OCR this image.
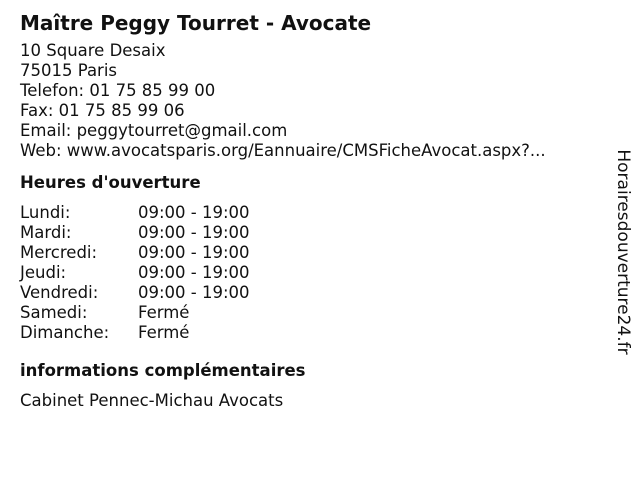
Maître Peggy Tourret - Avocate
10 Square Desaix
75015 Paris
Telefon: 01 75 85 99 00
Fax: 01 75 85 99 06
Email: peggytourret@gmail.com
Web: www.avocatsparis.org/Eannuaire/CMSFicheAvocat.aspx?...
Heures d'ouverture
Lundi:	09:00 - 19:00
Mardi:	09:00 - 19:00
Mercredi:	09:00 - 19:00
Jeudi:	09:00 - 19:00
Vendredi:	09:00 - 19:00
Samedi:	Fermé
Dimanche:	Fermé
informations complémentaires
Cabinet Pennec-Michau Avocats
Horairesdouverture24.fr
